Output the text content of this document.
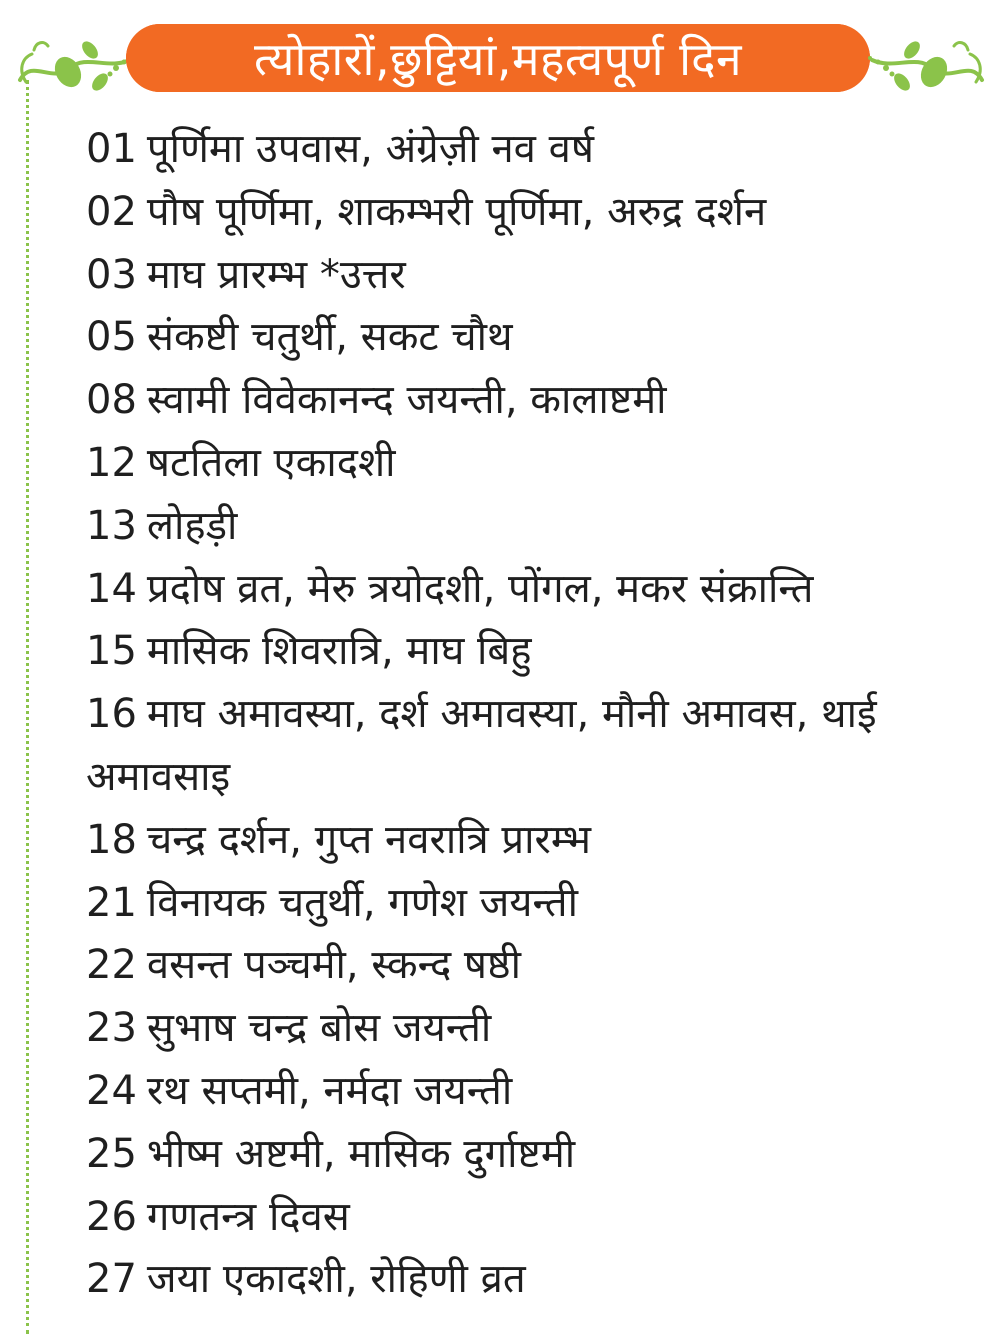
त्योहारों,छुट्टियां,महत्वपूर्ण दिन
01 पूर्णिमा उपवास, अंग्रेज़ी नव वर्ष
02 पौष पूर्णिमा, शाकम्भरी पूर्णिमा, अरुद्र दर्शन
03 माघ प्रारम्भ *उत्तर
05 संकष्टी चतुर्थी, सकट चौथ
08 स्वामी विवेकानन्द जयन्ती, कालाष्टमी
12 षटतिला एकादशी
13 लोहड़ी
14 प्रदोष व्रत, मेरु त्रयोदशी, पोंगल, मकर संक्रान्ति
15 मासिक शिवरात्रि, माघ बिहु
16 माघ अमावस्या, दर्श अमावस्या, मौनी अमावस, थाई अमावसाइ
18 चन्द्र दर्शन, गुप्त नवरात्रि प्रारम्भ
21 विनायक चतुर्थी, गणेश जयन्ती
22 वसन्त पञ्चमी, स्कन्द षष्ठी
23 सुभाष चन्द्र बोस जयन्ती
24 रथ सप्तमी, नर्मदा जयन्ती
25 भीष्म अष्टमी, मासिक दुर्गाष्टमी
26 गणतन्त्र दिवस
27 जया एकादशी, रोहिणी व्रत
